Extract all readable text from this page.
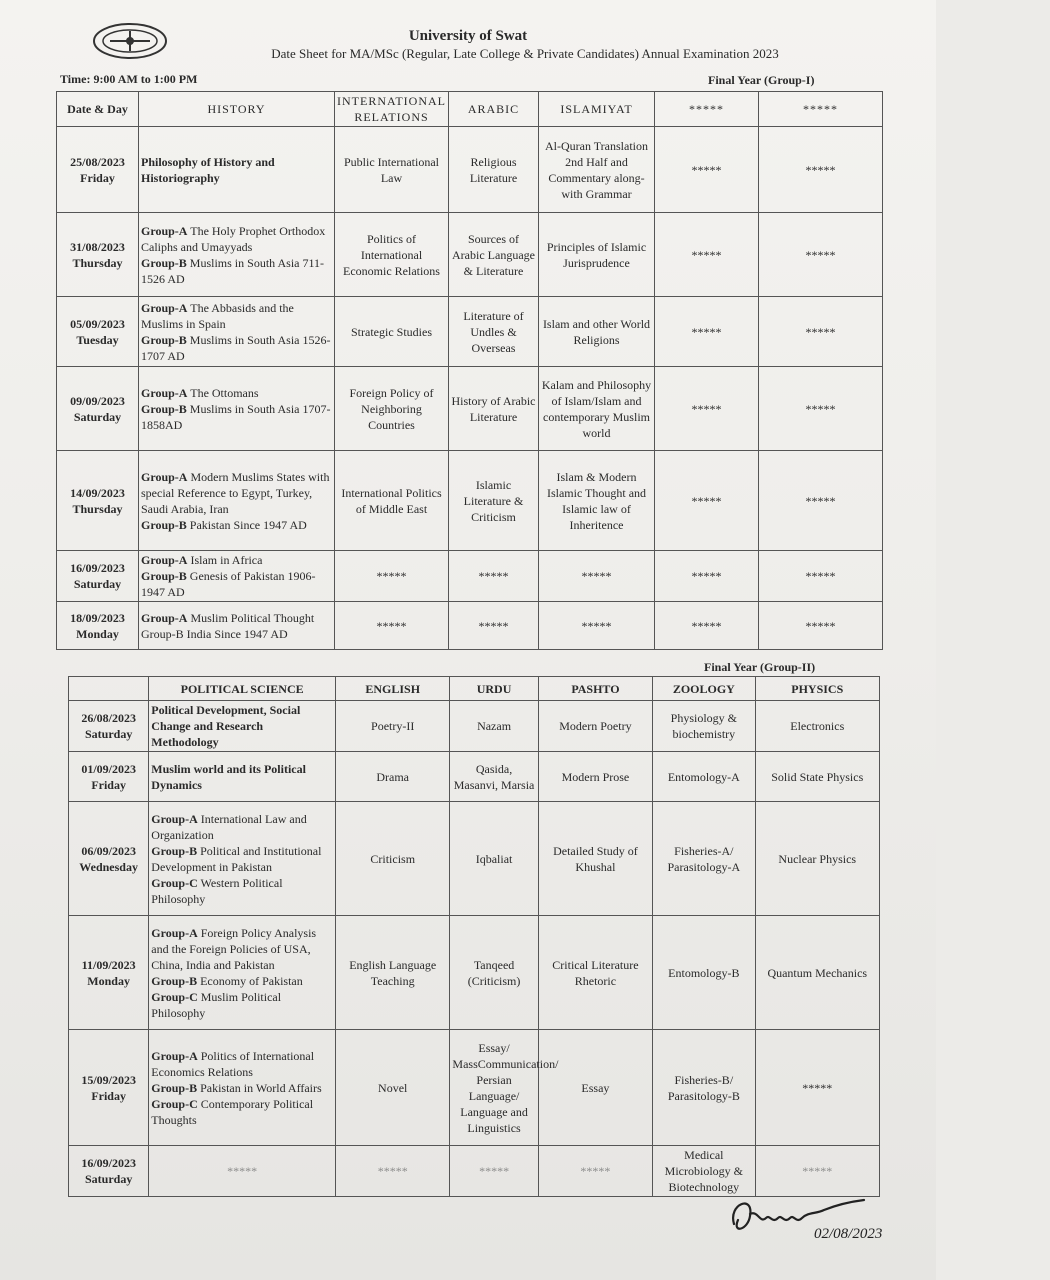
University of Swat
Date Sheet for MA/MSc (Regular, Late College & Private Candidates) Annual Examination 2023
Time: 9:00 AM to 1:00 PM	Final Year (Group-I)
Date & Day	HISTORY	INTERNATIONAL RELATIONS	ARABIC	ISLAMIYAT	*****	*****

25/08/2023
Friday	Philosophy of History and Historiography	Public International Law	Religious Literature	Al-Quran Translation 2nd Half and Commentary along-with Grammar	*****	*****

31/08/2023
Thursday	Group-A The Holy Prophet Orthodox Caliphs and Umayyads
Group-B Muslims in South Asia 711-1526 AD	Politics of International Economic Relations	Sources of Arabic Language & Literature	Principles of Islamic Jurisprudence	*****	*****

05/09/2023
Tuesday	Group-A The Abbasids and the Muslims in Spain
Group-B Muslims in South Asia 1526-1707 AD	Strategic Studies	Literature of Undles & Overseas	Islam and other World Religions	*****	*****

09/09/2023
Saturday	Group-A The Ottomans
Group-B Muslims in South Asia 1707-1858AD	Foreign Policy of Neighboring Countries	History of Arabic Literature	Kalam and Philosophy of Islam/Islam and contemporary Muslim world	*****	*****

14/09/2023
Thursday	Group-A Modern Muslims States with special Reference to Egypt, Turkey, Saudi Arabia, Iran
Group-B Pakistan Since 1947 AD	International Politics of Middle East	Islamic Literature & Criticism	Islam & Modern Islamic Thought and Islamic law of Inheritence	*****	*****

16/09/2023
Saturday	Group-A Islam in Africa
Group-B Genesis of Pakistan 1906-1947 AD	*****	*****	*****	*****	*****

18/09/2023
Monday	Group-A Muslim Political Thought
Group-B India Since 1947 AD	*****	*****	*****	*****	*****
Final Year (Group-II)
	POLITICAL SCIENCE	ENGLISH	URDU	PASHTO	ZOOLOGY	PHYSICS

26/08/2023
Saturday	Political Development, Social Change and Research Methodology	Poetry-II	Nazam	Modern Poetry	Physiology & biochemistry	Electronics

01/09/2023
Friday	Muslim world and its Political Dynamics	Drama	Qasida, Masanvi, Marsia	Modern Prose	Entomology-A	Solid State Physics

06/09/2023
Wednesday	Group-A International Law and Organization
Group-B Political and Institutional Development in Pakistan
Group-C Western Political Philosophy	Criticism	Iqbaliat	Detailed Study of Khushal	Fisheries-A/ Parasitology-A	Nuclear Physics

11/09/2023
Monday	Group-A Foreign Policy Analysis and the Foreign Policies of USA, China, India and Pakistan
Group-B Economy of Pakistan
Group-C Muslim Political Philosophy	English Language Teaching	Tanqeed (Criticism)	Critical Literature Rhetoric	Entomology-B	Quantum Mechanics

15/09/2023
Friday	Group-A Politics of International Economics Relations
Group-B Pakistan in World Affairs
Group-C Contemporary Political Thoughts	Novel	Essay/ MassCommunication/ Persian Language/ Language and Linguistics	Essay	Fisheries-B/ Parasitology-B	*****

16/09/2023
Saturday	*****	*****	*****	*****	Medical Microbiology & Biotechnology	*****
02/08/2023
